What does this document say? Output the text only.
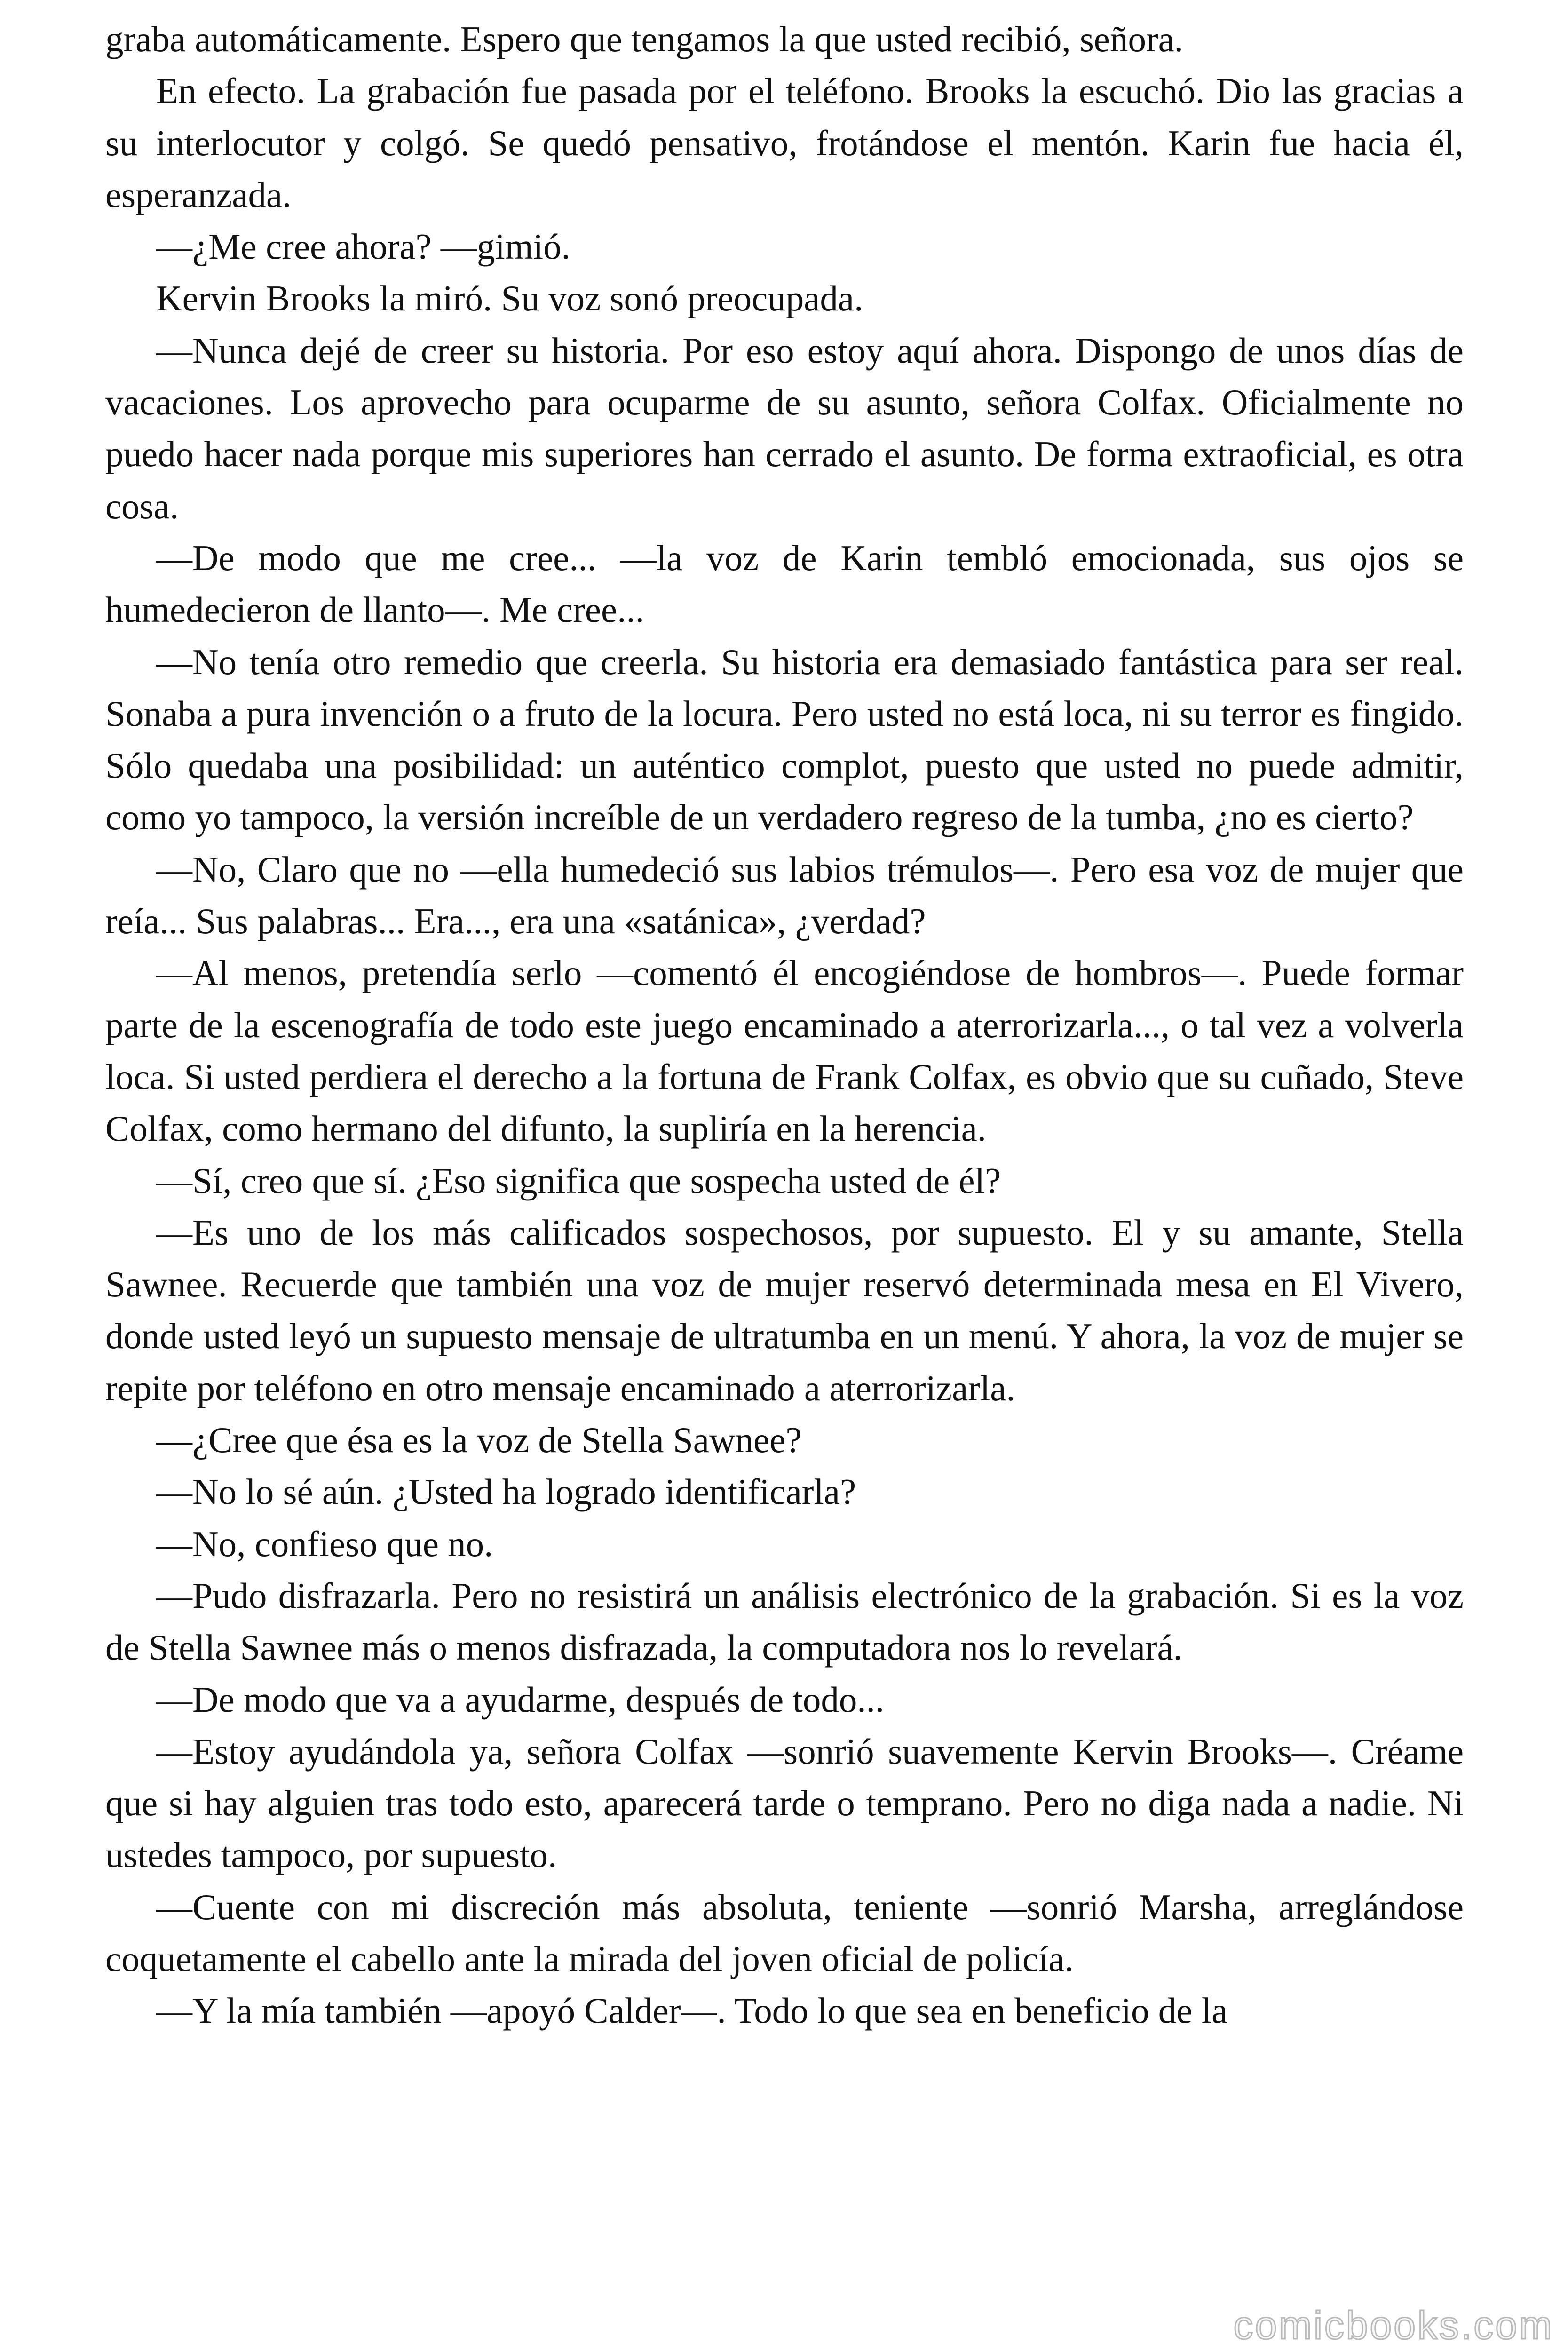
graba automáticamente. Espero que tengamos la que usted recibió, señora.

En efecto. La grabación fue pasada por el teléfono. Brooks la escuchó. Dio las gracias a su interlocutor y colgó. Se quedó pensativo, frotándose el mentón. Karin fue hacia él, esperanzada.

—¿Me cree ahora? —gimió.

Kervin Brooks la miró. Su voz sonó preocupada.

—Nunca dejé de creer su historia. Por eso estoy aquí ahora. Dispongo de unos días de vacaciones. Los aprovecho para ocuparme de su asunto, señora Colfax. Oficialmente no puedo hacer nada porque mis superiores han cerrado el asunto. De forma extraoficial, es otra cosa.

—De modo que me cree... —la voz de Karin tembló emocionada, sus ojos se humedecieron de llanto—. Me cree...

—No tenía otro remedio que creerla. Su historia era demasiado fantástica para ser real. Sonaba a pura invención o a fruto de la locura. Pero usted no está loca, ni su terror es fingido. Sólo quedaba una posibilidad: un auténtico complot, puesto que usted no puede admitir, como yo tampoco, la versión increíble de un verdadero regreso de la tumba, ¿no es cierto?

—No, Claro que no —ella humedeció sus labios trémulos—. Pero esa voz de mujer que reía... Sus palabras... Era..., era una «satánica», ¿verdad?

—Al menos, pretendía serlo —comentó él encogiéndose de hombros—. Puede formar parte de la escenografía de todo este juego encaminado a aterrorizarla..., o tal vez a volverla loca. Si usted perdiera el derecho a la fortuna de Frank Colfax, es obvio que su cuñado, Steve Colfax, como hermano del difunto, la supliría en la herencia.

—Sí, creo que sí. ¿Eso significa que sospecha usted de él?

—Es uno de los más calificados sospechosos, por supuesto. El y su amante, Stella Sawnee. Recuerde que también una voz de mujer reservó determinada mesa en El Vivero, donde usted leyó un supuesto mensaje de ultratumba en un menú. Y ahora, la voz de mujer se repite por teléfono en otro mensaje encaminado a aterrorizarla.

—¿Cree que ésa es la voz de Stella Sawnee?

—No lo sé aún. ¿Usted ha logrado identificarla?

—No, confieso que no.

—Pudo disfrazarla. Pero no resistirá un análisis electrónico de la grabación. Si es la voz de Stella Sawnee más o menos disfrazada, la computadora nos lo revelará.

—De modo que va a ayudarme, después de todo...

—Estoy ayudándola ya, señora Colfax —sonrió suavemente Kervin Brooks—. Créame que si hay alguien tras todo esto, aparecerá tarde o temprano. Pero no diga nada a nadie. Ni ustedes tampoco, por supuesto.

—Cuente con mi discreción más absoluta, teniente —sonrió Marsha, arreglándose coquetamente el cabello ante la mirada del joven oficial de policía.

—Y la mía también —apoyó Calder—. Todo lo que sea en beneficio de la

comicbooks.com
